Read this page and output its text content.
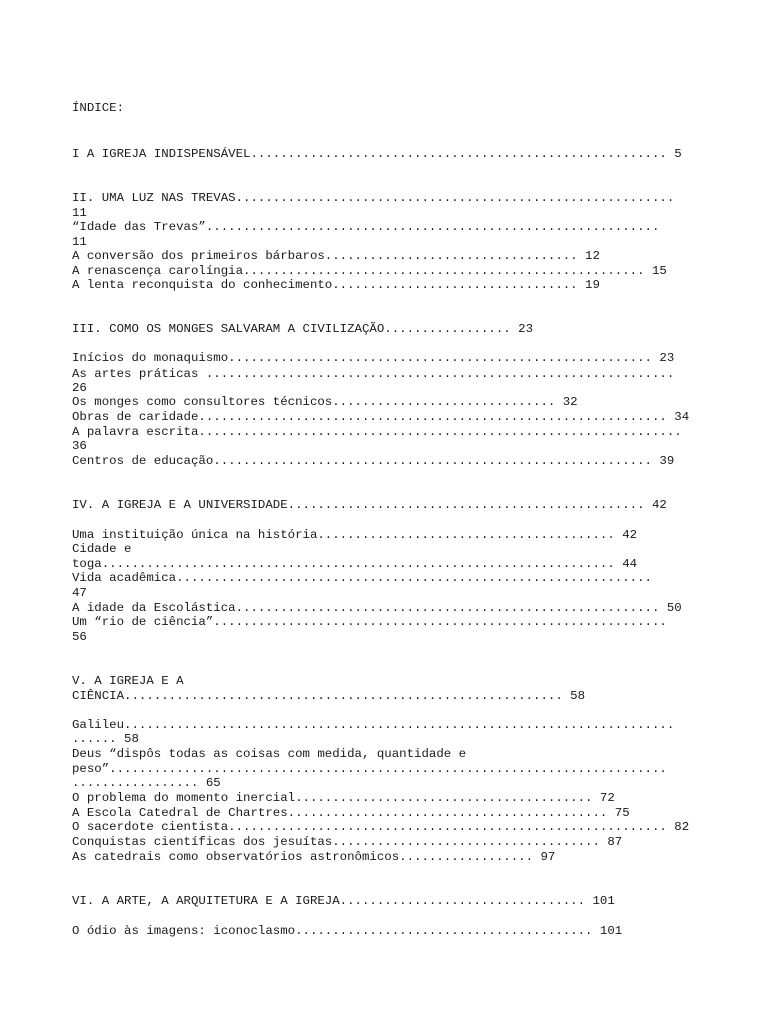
ÍNDICE:
I A IGREJA INDISPENSÁVEL........................................................ 5
II. UMA LUZ NAS TREVAS...........................................................
11
“Idade das Trevas”.............................................................
11
A conversão dos primeiros bárbaros.................................. 12
A renascença carolíngia...................................................... 15
A lenta reconquista do conhecimento................................. 19
III. COMO OS MONGES SALVARAM A CIVILIZAÇÃO................. 23
Inícios do monaquismo......................................................... 23
As artes práticas ...............................................................
26
Os monges como consultores técnicos.............................. 32
Obras de caridade............................................................... 34
A palavra escrita.................................................................
36
Centros de educação........................................................... 39
IV. A IGREJA E A UNIVERSIDADE................................................ 42
Uma instituição única na história........................................ 42
Cidade e
toga..................................................................... 44
Vida acadêmica................................................................
47
A idade da Escolástica......................................................... 50
Um “rio de ciência”.............................................................
56
V. A IGREJA E A
CIÊNCIA........................................................... 58
Galileu..........................................................................
...... 58
Deus “dispôs todas as coisas com medida, quantidade e
peso”...........................................................................
................. 65
O problema do momento inercial........................................ 72
A Escola Catedral de Chartres........................................... 75
O sacerdote cientista........................................................... 82
Conquistas científicas dos jesuítas.................................... 87
As catedrais como observatórios astronômicos.................. 97
VI. A ARTE, A ARQUITETURA E A IGREJA................................. 101
O ódio às imagens: iconoclasmo........................................ 101
